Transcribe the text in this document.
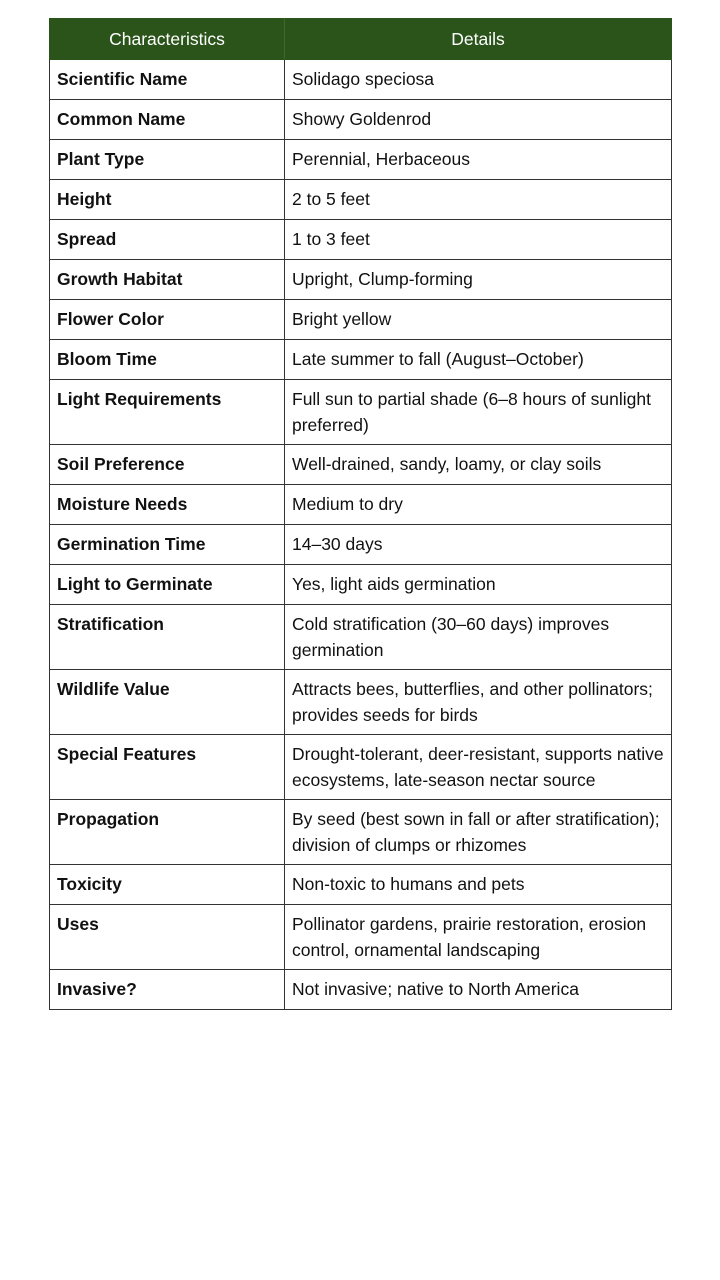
Characteristics	Details
Scientific Name	Solidago speciosa
Common Name	Showy Goldenrod
Plant Type	Perennial, Herbaceous
Height	2 to 5 feet
Spread	1 to 3 feet
Growth Habitat	Upright, Clump-forming
Flower Color	Bright yellow
Bloom Time	Late summer to fall (August–October)
Light Requirements	Full sun to partial shade (6–8 hours of sunlight preferred)
Soil Preference	Well-drained, sandy, loamy, or clay soils
Moisture Needs	Medium to dry
Germination Time	14–30 days
Light to Germinate	Yes, light aids germination
Stratification	Cold stratification (30–60 days) improves germination
Wildlife Value	Attracts bees, butterflies, and other pollinators; provides seeds for birds
Special Features	Drought-tolerant, deer-resistant, supports native ecosystems, late-season nectar source
Propagation	By seed (best sown in fall or after stratification); division of clumps or rhizomes
Toxicity	Non-toxic to humans and pets
Uses	Pollinator gardens, prairie restoration, erosion control, ornamental landscaping
Invasive?	Not invasive; native to North America
